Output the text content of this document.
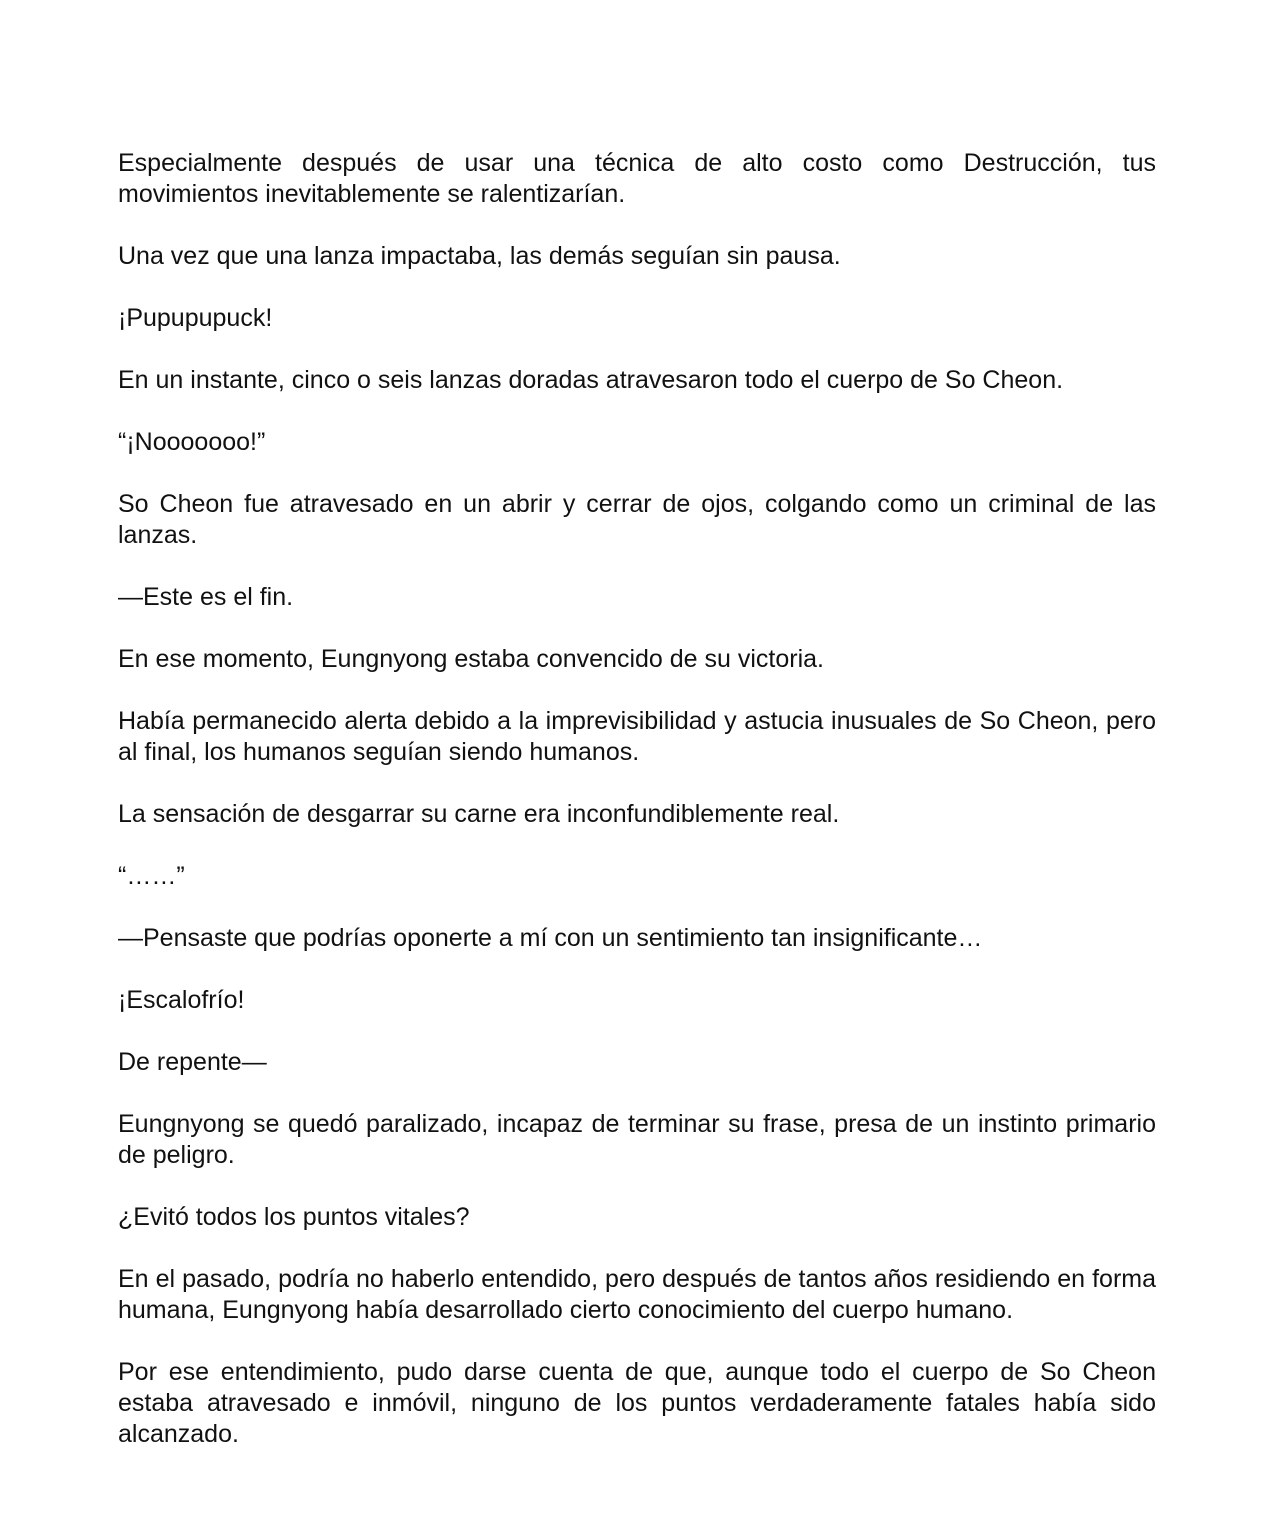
Especialmente después de usar una técnica de alto costo como Destrucción, tus movimientos inevitablemente se ralentizarían.

Una vez que una lanza impactaba, las demás seguían sin pausa.

¡Pupupupuck!

En un instante, cinco o seis lanzas doradas atravesaron todo el cuerpo de So Cheon.

“¡Nooooooo!”

So Cheon fue atravesado en un abrir y cerrar de ojos, colgando como un criminal de las lanzas.

—Este es el fin.

En ese momento, Eungnyong estaba convencido de su victoria.

Había permanecido alerta debido a la imprevisibilidad y astucia inusuales de So Cheon, pero al final, los humanos seguían siendo humanos.

La sensación de desgarrar su carne era inconfundiblemente real.

“……”

—Pensaste que podrías oponerte a mí con un sentimiento tan insignificante…

¡Escalofrío!

De repente—

Eungnyong se quedó paralizado, incapaz de terminar su frase, presa de un instinto primario de peligro.

¿Evitó todos los puntos vitales?

En el pasado, podría no haberlo entendido, pero después de tantos años residiendo en forma humana, Eungnyong había desarrollado cierto conocimiento del cuerpo humano.

Por ese entendimiento, pudo darse cuenta de que, aunque todo el cuerpo de So Cheon estaba atravesado e inmóvil, ninguno de los puntos verdaderamente fatales había sido alcanzado.
